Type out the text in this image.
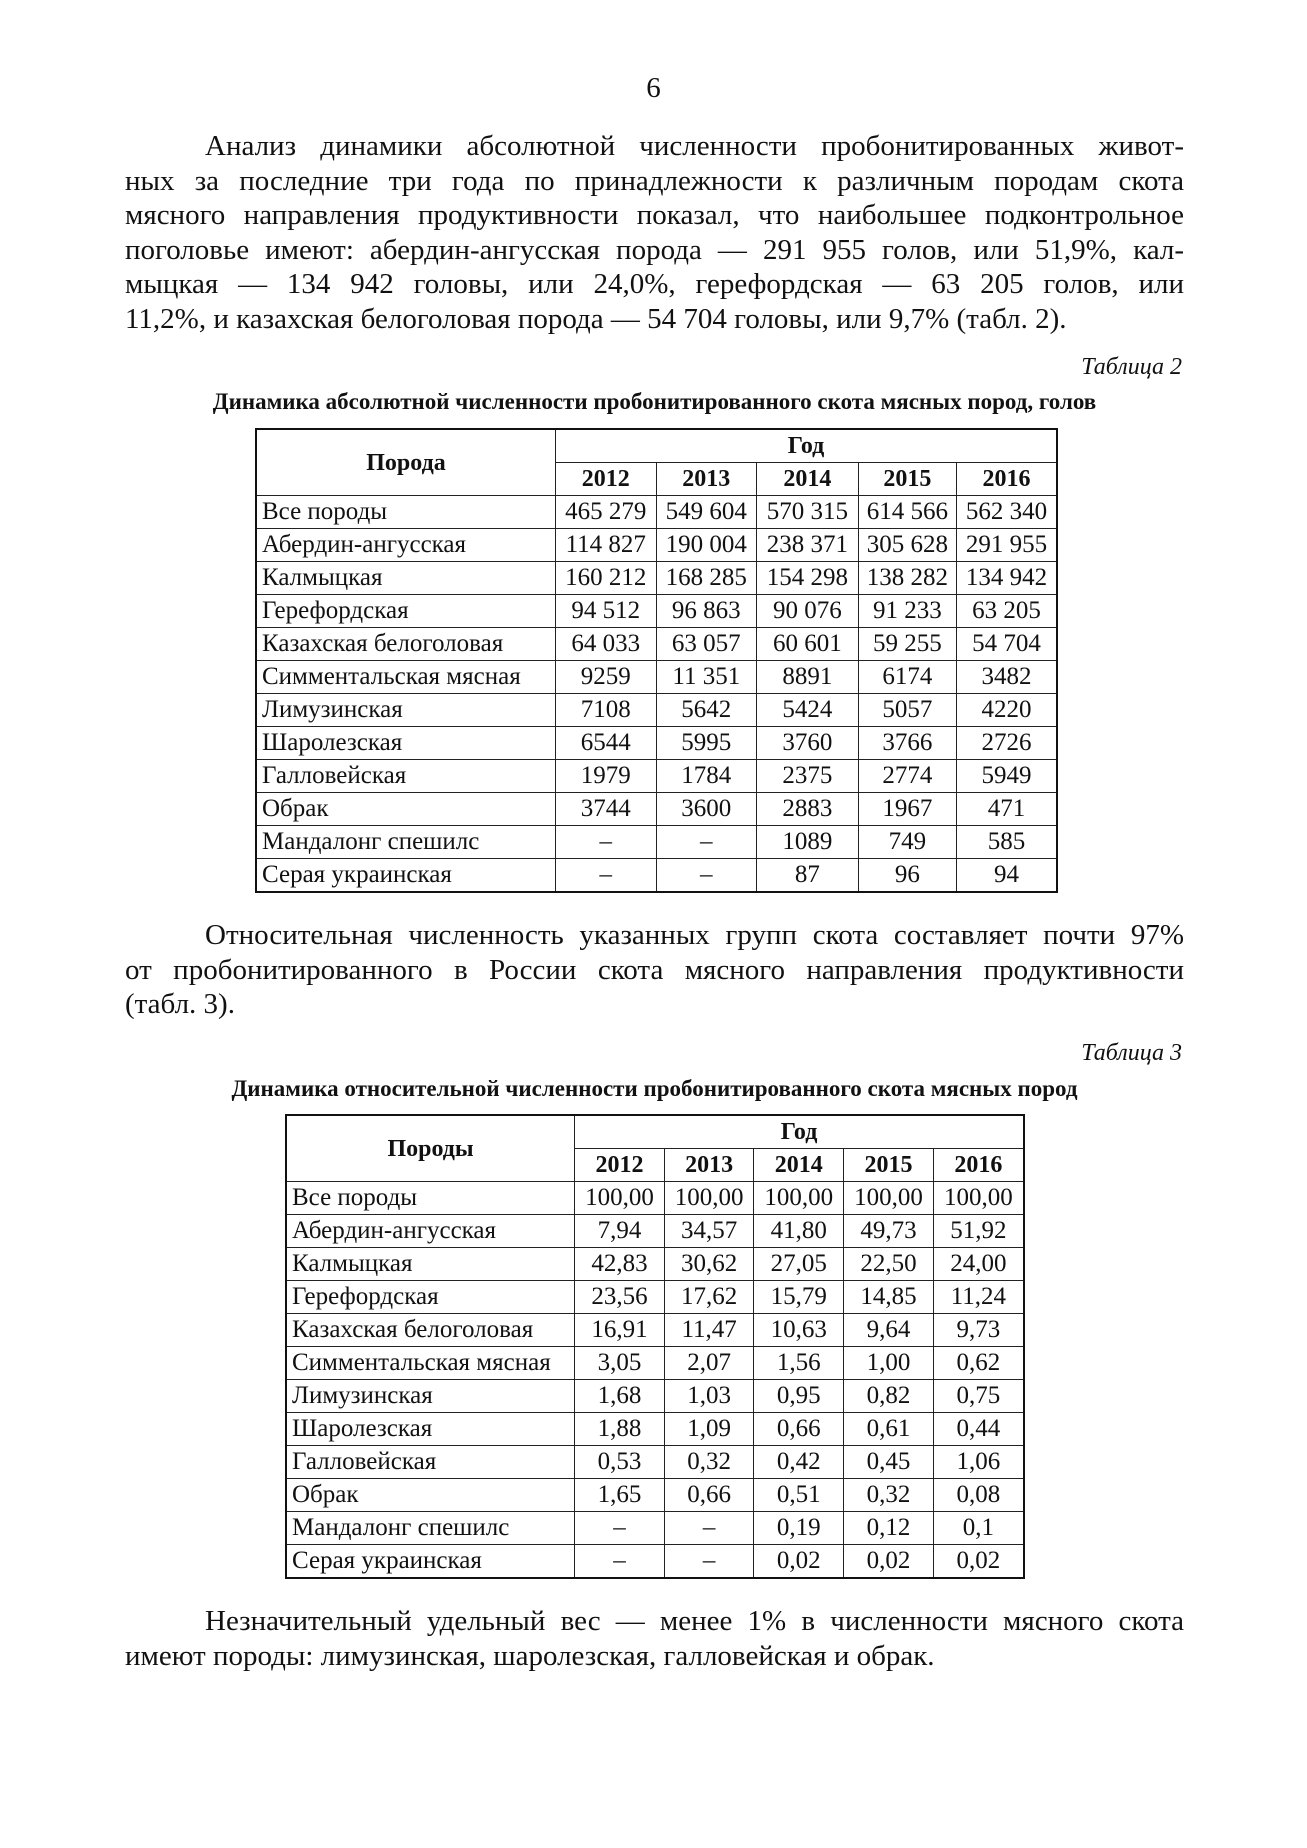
6

Анализ динамики абсолютной численности пробонитированных живот-
ных за последние три года по принадлежности к различным породам скота
мясного направления продуктивности показал, что наибольшее подконтрольное
поголовье имеют: абердин-ангусская порода — 291 955 голов, или 51,9%, кал-
мыцкая — 134 942 головы, или 24,0%, герефордская — 63 205 голов, или
11,2%, и казахская белоголовая порода — 54 704 головы, или 9,7% (табл. 2).

Таблица 2
Динамика абсолютной численности пробонитированного скота мясных пород, голов
Порода	Год				
	2012	2013	2014	2015	2016
Все породы	465 279	549 604	570 315	614 566	562 340
Абердин-ангусская	114 827	190 004	238 371	305 628	291 955
Калмыцкая	160 212	168 285	154 298	138 282	134 942
Герефордская	94 512	96 863	90 076	91 233	63 205
Казахская белоголовая	64 033	63 057	60 601	59 255	54 704
Симментальская мясная	9259	11 351	8891	6174	3482
Лимузинская	7108	5642	5424	5057	4220
Шаролезская	6544	5995	3760	3766	2726
Галловейская	1979	1784	2375	2774	5949
Обрак	3744	3600	2883	1967	471
Мандалонг спешилс	–	–	1089	749	585
Серая украинская	–	–	87	96	94

Относительная численность указанных групп скота составляет почти 97%
от пробонитированного в России скота мясного направления продуктивности
(табл. 3).

Таблица 3
Динамика относительной численности пробонитированного скота мясных пород
Породы	Год				
	2012	2013	2014	2015	2016
Все породы	100,00	100,00	100,00	100,00	100,00
Абердин-ангусская	7,94	34,57	41,80	49,73	51,92
Калмыцкая	42,83	30,62	27,05	22,50	24,00
Герефордская	23,56	17,62	15,79	14,85	11,24
Казахская белоголовая	16,91	11,47	10,63	9,64	9,73
Симментальская мясная	3,05	2,07	1,56	1,00	0,62
Лимузинская	1,68	1,03	0,95	0,82	0,75
Шаролезская	1,88	1,09	0,66	0,61	0,44
Галловейская	0,53	0,32	0,42	0,45	1,06
Обрак	1,65	0,66	0,51	0,32	0,08
Мандалонг спешилс	–	–	0,19	0,12	0,1
Серая украинская	–	–	0,02	0,02	0,02

Незначительный удельный вес — менее 1% в численности мясного скота
имеют породы: лимузинская, шаролезская, галловейская и обрак.
